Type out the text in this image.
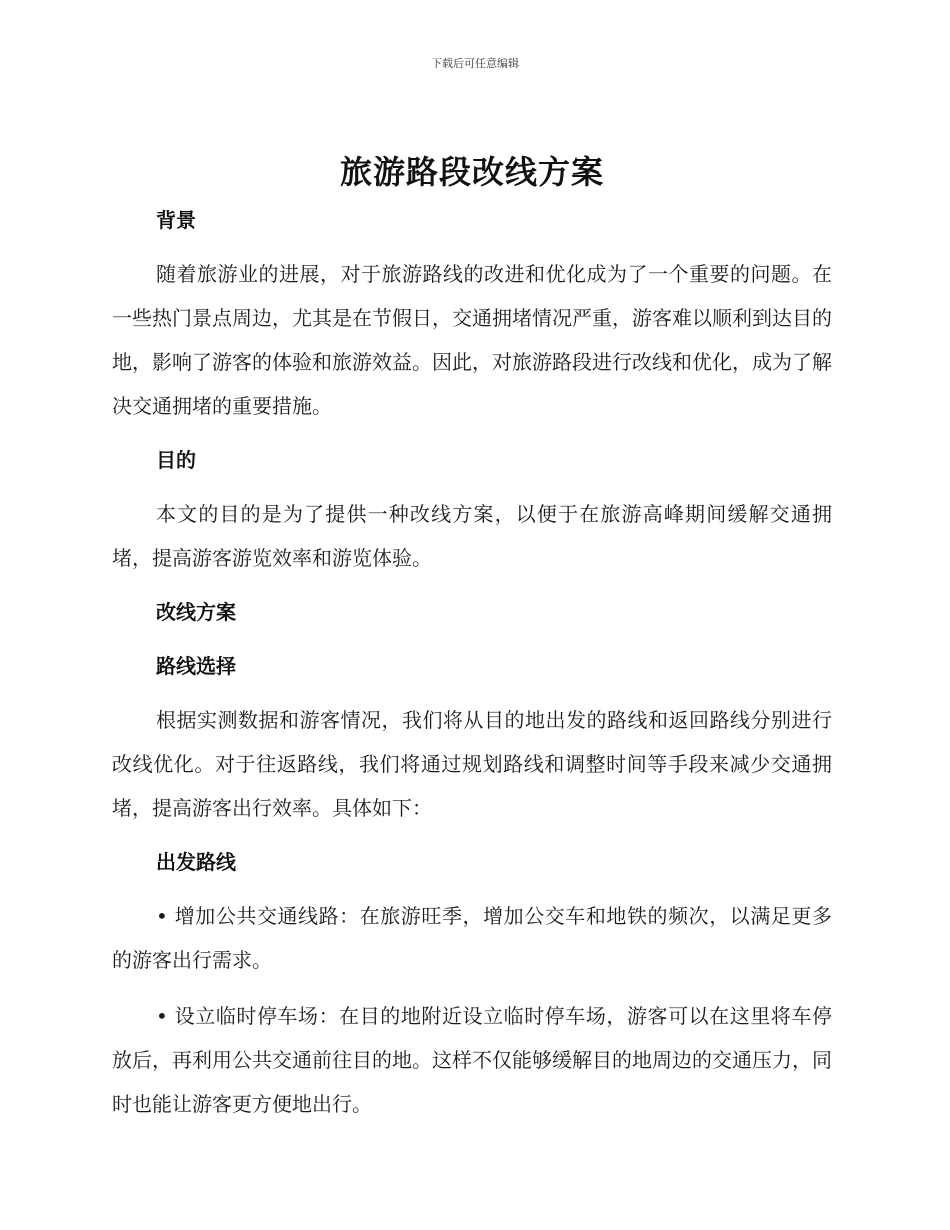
下载后可任意编辑
旅游路段改线方案
背景

随着旅游业的进展，对于旅游路线的改进和优化成为了一个重要的问题。在一些热门景点周边，尤其是在节假日，交通拥堵情况严重，游客难以顺利到达目的地，影响了游客的体验和旅游效益。因此，对旅游路段进行改线和优化，成为了解决交通拥堵的重要措施。

目的

本文的目的是为了提供一种改线方案，以便于在旅游高峰期间缓解交通拥堵，提高游客游览效率和游览体验。

改线方案
路线选择

根据实测数据和游客情况，我们将从目的地出发的路线和返回路线分别进行改线优化。对于往返路线，我们将通过规划路线和调整时间等手段来减少交通拥堵，提高游客出行效率。具体如下：

出发路线

• 增加公共交通线路：在旅游旺季，增加公交车和地铁的频次，以满足更多的游客出行需求。

• 设立临时停车场：在目的地附近设立临时停车场，游客可以在这里将车停放后，再利用公共交通前往目的地。这样不仅能够缓解目的地周边的交通压力，同时也能让游客更方便地出行。
